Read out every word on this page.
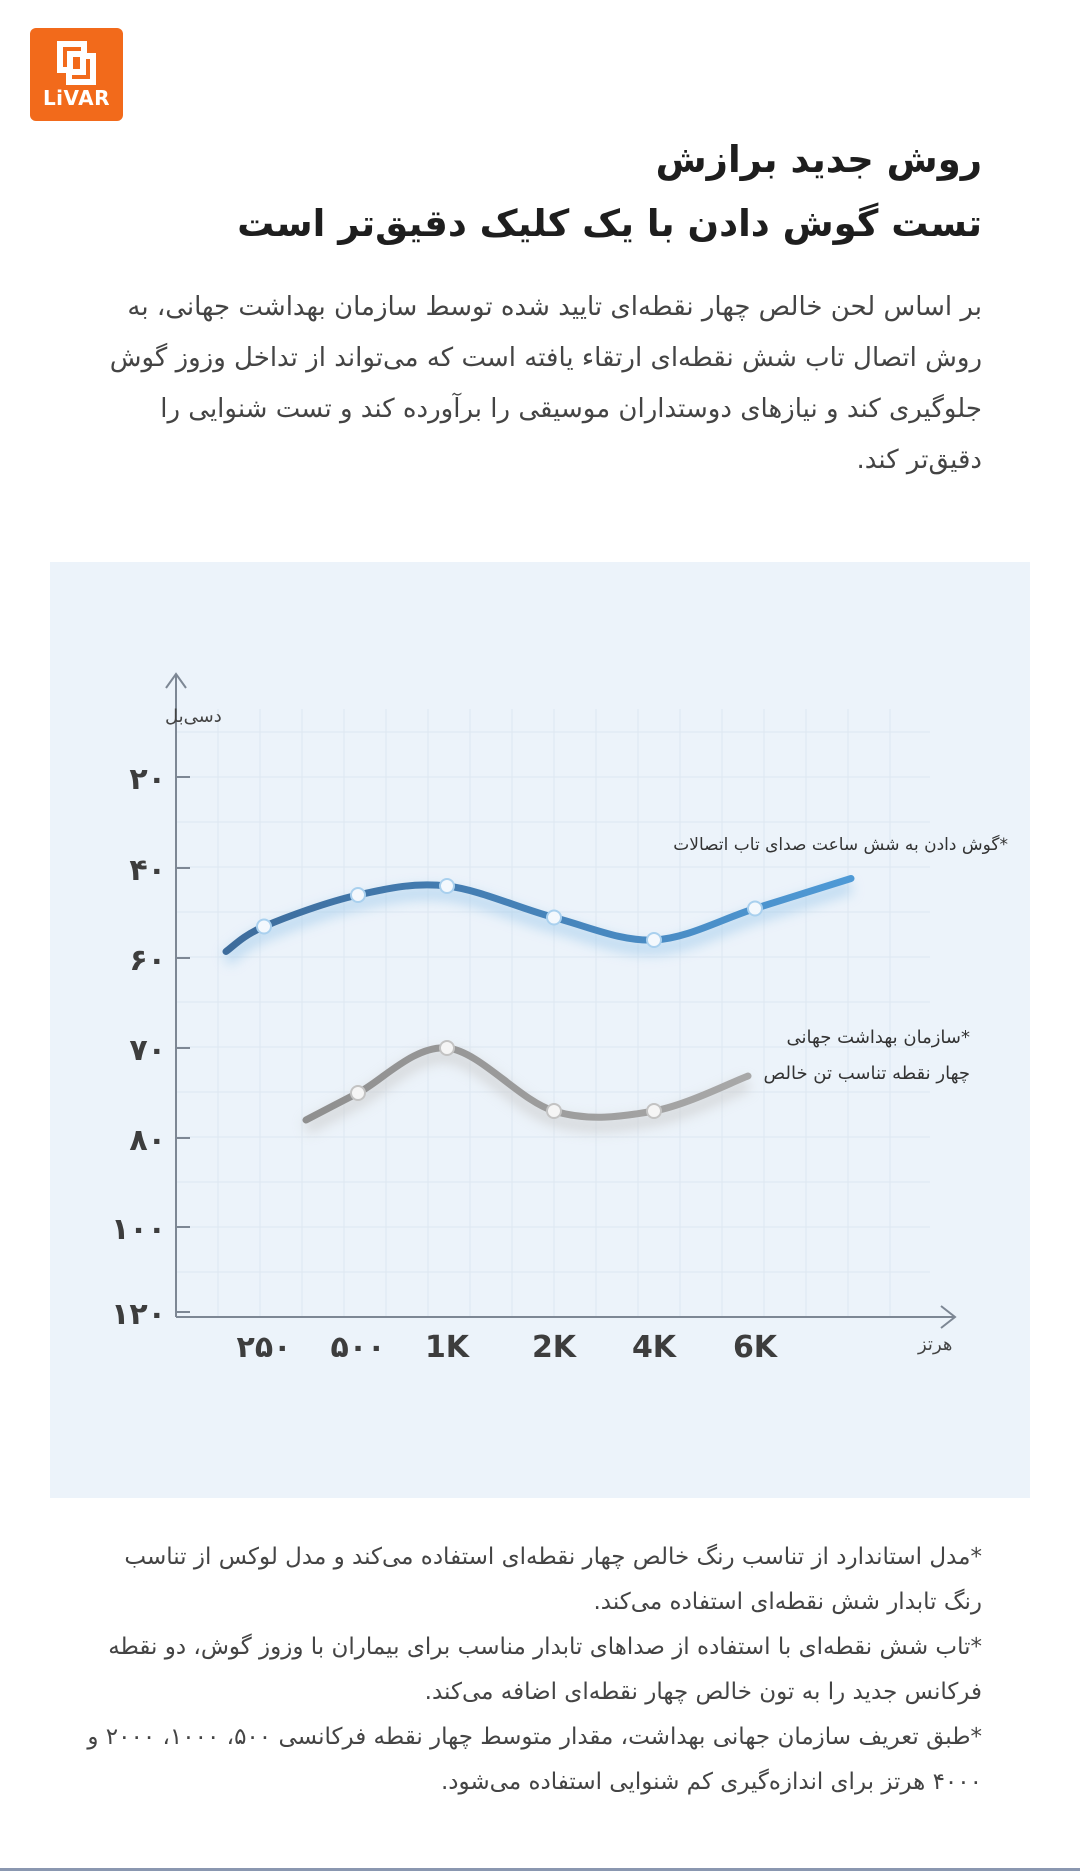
LiVAR
روش جدید برازش
تست گوش دادن با یک کلیک دقیق‌تر است
بر اساس لحن خالص چهار نقطه‌ای تایید شده توسط سازمان بهداشت جهانی، به روش اتصال تاب شش نقطه‌ای ارتقاء یافته است که می‌تواند از تداخل وزوز گوش جلوگیری کند و نیازهای دوستداران موسیقی را برآورده کند و تست شنوایی را دقیق‌تر کند.
۲۰
۴۰
۶۰
۷۰
۸۰
۱۰۰
۱۲۰
دسی‌بل
۲۵۰ ۵۰۰ 1K 2K 4K 6K	هرتز
*گوش دادن به شش ساعت صدای تاب اتصالات
*سازمان بهداشت جهانی
چهار نقطه تناسب تن خالص

*مدل استاندارد از تناسب رنگ خالص چهار نقطه‌ای استفاده می‌کند و مدل لوکس از تناسب رنگ تابدار شش نقطه‌ای استفاده می‌کند.

*تاب شش نقطه‌ای با استفاده از صداهای تابدار مناسب برای بیماران با وزوز گوش، دو نقطه فرکانس جدید را به تون خالص چهار نقطه‌ای اضافه می‌کند.

*طبق تعریف سازمان جهانی بهداشت، مقدار متوسط چهار نقطه فرکانسی ۵۰۰، ۱۰۰۰، ۲۰۰۰ و ۴۰۰۰ هرتز برای اندازه‌گیری کم شنوایی استفاده می‌شود.
